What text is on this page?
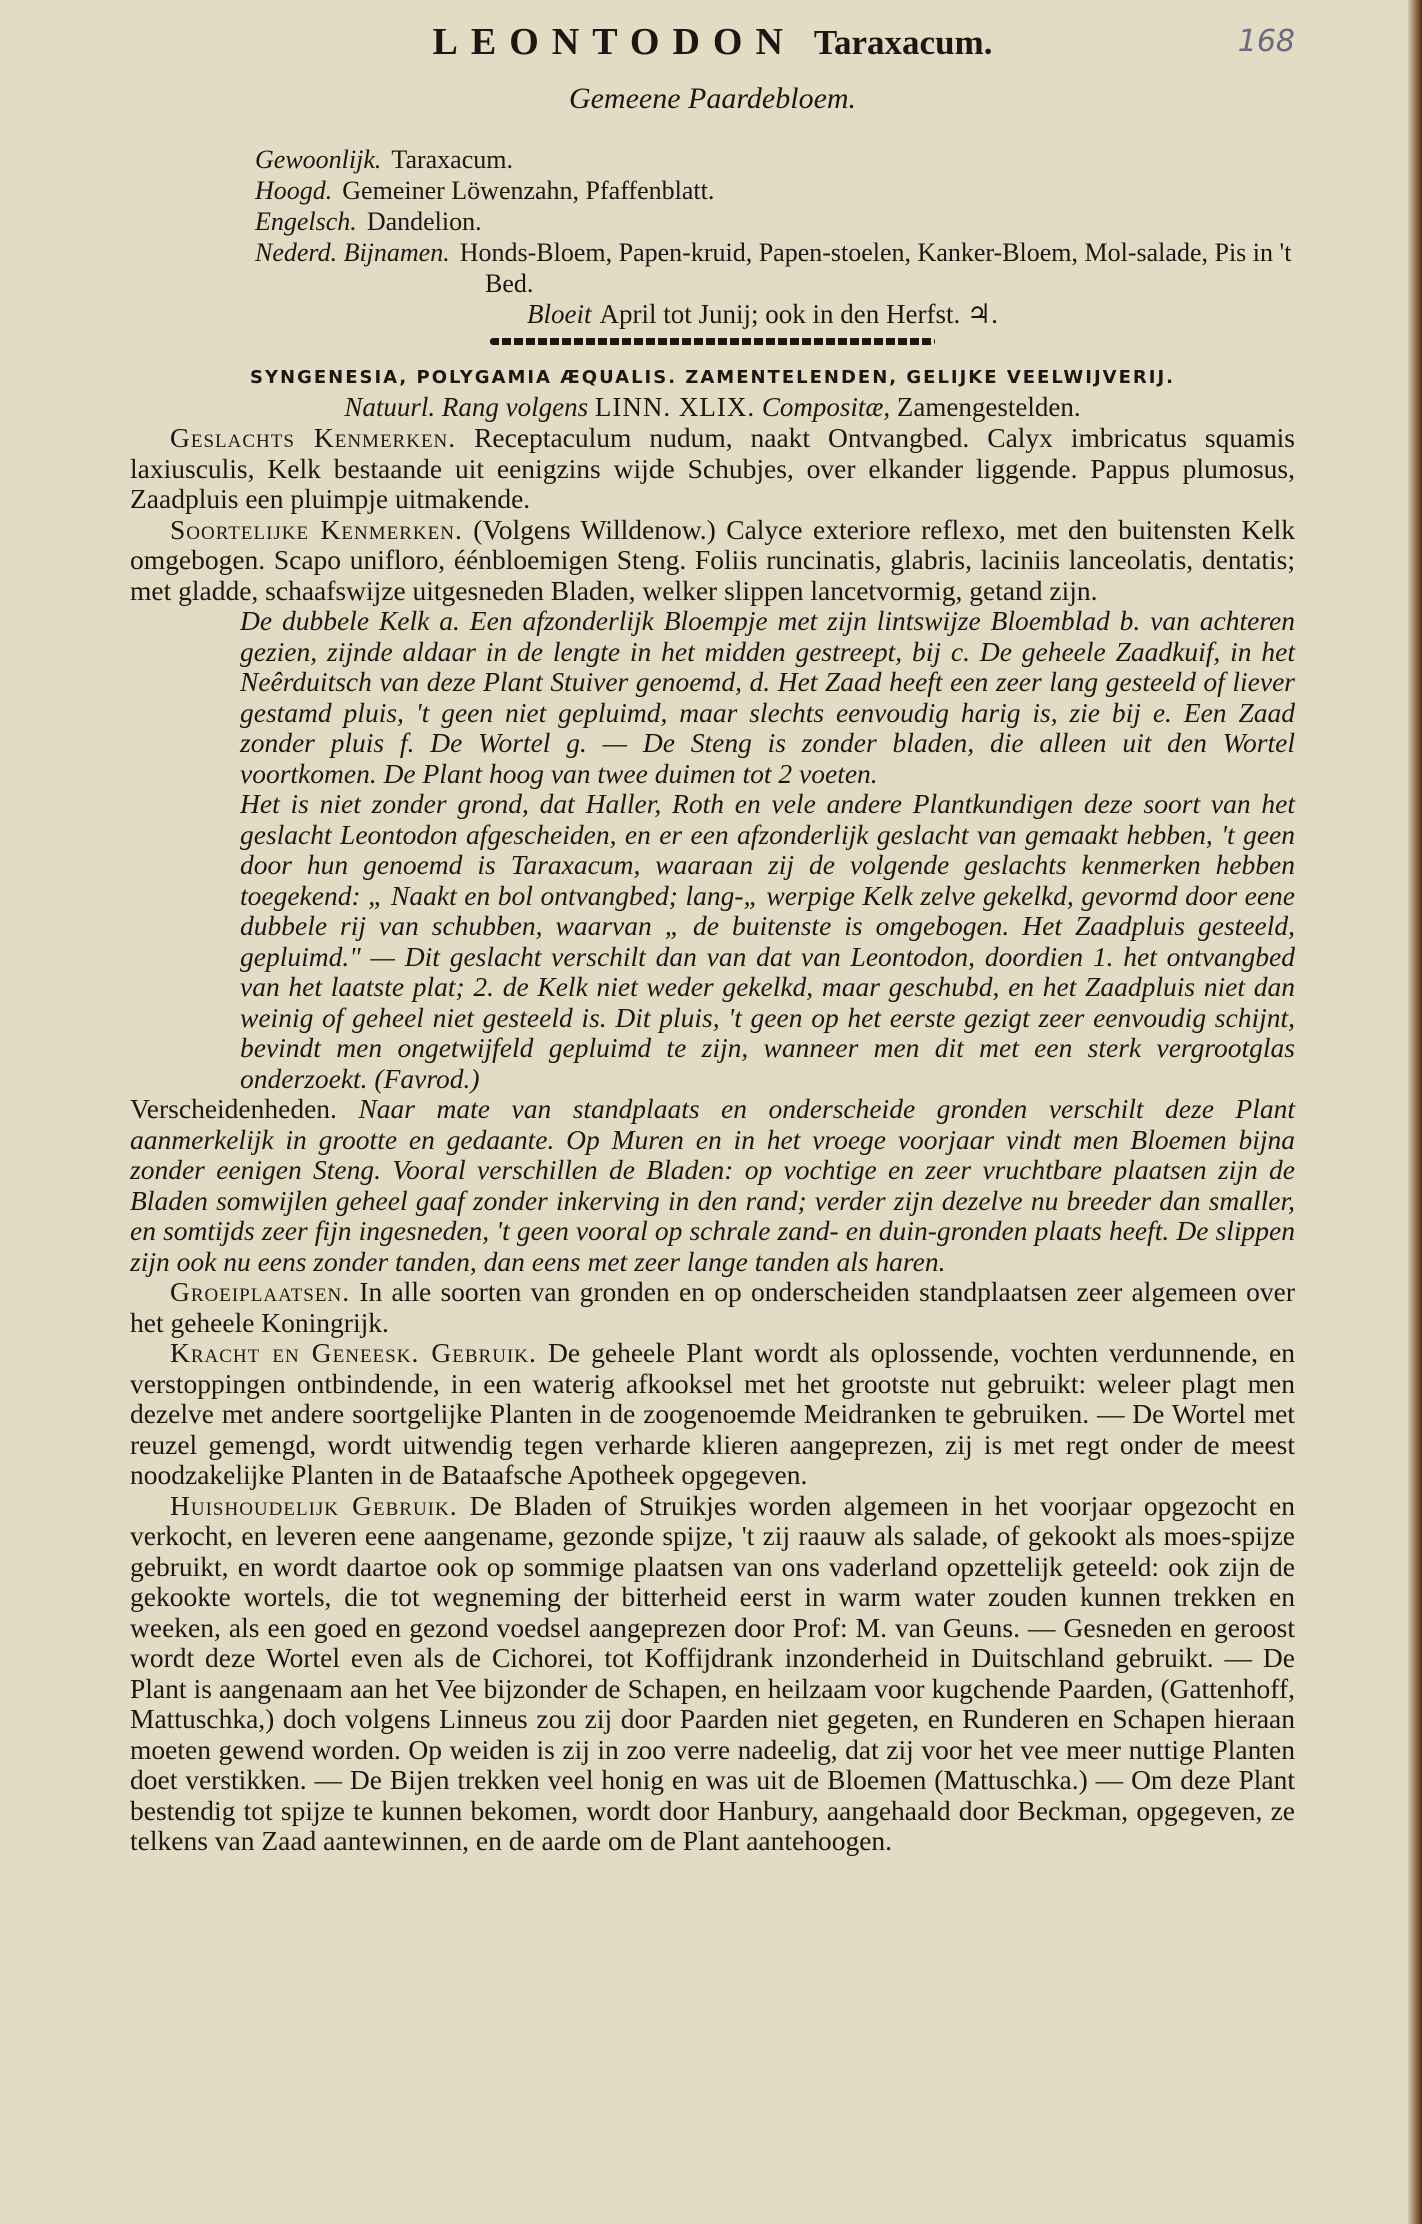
LEONTODON Taraxacum.	168
Gemeene Paardebloem.
Gewoonlijk. Taraxacum.
Hoogd. Gemeiner Löwenzahn, Pfaffenblatt.
Engelsch. Dandelion.

Nederd. Bijnamen. Honds-Bloem, Papen-kruid, Papen-stoelen, Kanker-Bloem, Mol-salade, Pis in 't Bed.

Bloeit April tot Junij; ook in den Herfst. ♃.
SYNGENESIA, POLYGAMIA ÆQUALIS. ZAMENTELENDEN, GELIJKE VEELWIJVERIJ.
Natuurl. Rang volgens LINN. XLIX. Compositæ, Zamengestelden.

Geslachts Kenmerken. Receptaculum nudum, naakt Ontvangbed. Calyx imbricatus squamis laxiusculis, Kelk bestaande uit eenigzins wijde Schubjes, over elkander liggende. Pappus plumosus, Zaadpluis een pluimpje uitmakende.

Soortelijke Kenmerken. (Volgens Willdenow.) Calyce exteriore reflexo, met den buitensten Kelk omgebogen. Scapo unifloro, éénbloemigen Steng. Foliis runcinatis, glabris, laciniis lanceolatis, dentatis; met gladde, schaafswijze uitgesneden Bladen, welker slippen lancetvormig, getand zijn.

De dubbele Kelk a. Een afzonderlijk Bloempje met zijn lintswijze Bloemblad b. van achteren gezien, zijnde aldaar in de lengte in het midden gestreept, bij c. De geheele Zaadkuif, in het Neêrduitsch van deze Plant Stuiver genoemd, d. Het Zaad heeft een zeer lang gesteeld of liever gestamd pluis, 't geen niet gepluimd, maar slechts eenvoudig harig is, zie bij e. Een Zaad zonder pluis f. De Wortel g. — De Steng is zonder bladen, die alleen uit den Wortel voortkomen. De Plant hoog van twee duimen tot 2 voeten.

Het is niet zonder grond, dat Haller, Roth en vele andere Plantkundigen deze soort van het geslacht Leontodon afgescheiden, en er een afzonderlijk geslacht van gemaakt hebben, 't geen door hun genoemd is Taraxacum, waaraan zij de volgende geslachts kenmerken hebben toegekend: „ Naakt en bol ontvangbed; lang-„ werpige Kelk zelve gekelkd, gevormd door eene dubbele rij van schubben, waarvan „ de buitenste is omgebogen. Het Zaadpluis gesteeld, gepluimd." — Dit geslacht verschilt dan van dat van Leontodon, doordien 1. het ontvangbed van het laatste plat; 2. de Kelk niet weder gekelkd, maar geschubd, en het Zaadpluis niet dan weinig of geheel niet gesteeld is. Dit pluis, 't geen op het eerste gezigt zeer eenvoudig schijnt, bevindt men ongetwijfeld gepluimd te zijn, wanneer men dit met een sterk vergrootglas onderzoekt. (Favrod.)

Verscheidenheden. Naar mate van standplaats en onderscheide gronden verschilt deze Plant aanmerkelijk in grootte en gedaante. Op Muren en in het vroege voorjaar vindt men Bloemen bijna zonder eenigen Steng. Vooral verschillen de Bladen: op vochtige en zeer vruchtbare plaatsen zijn de Bladen somwijlen geheel gaaf zonder inkerving in den rand; verder zijn dezelve nu breeder dan smaller, en somtijds zeer fijn ingesneden, 't geen vooral op schrale zand- en duin-gronden plaats heeft. De slippen zijn ook nu eens zonder tanden, dan eens met zeer lange tanden als haren.

Groeiplaatsen. In alle soorten van gronden en op onderscheiden standplaatsen zeer algemeen over het geheele Koningrijk.

Kracht en Geneesk. Gebruik. De geheele Plant wordt als oplossende, vochten verdunnende, en verstoppingen ontbindende, in een waterig afkooksel met het grootste nut gebruikt: weleer plagt men dezelve met andere soortgelijke Planten in de zoogenoemde Meidranken te gebruiken. — De Wortel met reuzel gemengd, wordt uitwendig tegen verharde klieren aangeprezen, zij is met regt onder de meest noodzakelijke Planten in de Bataafsche Apotheek opgegeven.

Huishoudelijk Gebruik. De Bladen of Struikjes worden algemeen in het voorjaar opgezocht en verkocht, en leveren eene aangename, gezonde spijze, 't zij raauw als salade, of gekookt als moes-spijze gebruikt, en wordt daartoe ook op sommige plaatsen van ons vaderland opzettelijk geteeld: ook zijn de gekookte wortels, die tot wegneming der bitterheid eerst in warm water zouden kunnen trekken en weeken, als een goed en gezond voedsel aangeprezen door Prof: M. van Geuns. — Gesneden en geroost wordt deze Wortel even als de Cichorei, tot Koffijdrank inzonderheid in Duitschland gebruikt. — De Plant is aangenaam aan het Vee bijzonder de Schapen, en heilzaam voor kugchende Paarden, (Gattenhoff, Mattuschka,) doch volgens Linneus zou zij door Paarden niet gegeten, en Runderen en Schapen hieraan moeten gewend worden. Op weiden is zij in zoo verre nadeelig, dat zij voor het vee meer nuttige Planten doet verstikken. — De Bijen trekken veel honig en was uit de Bloemen (Mattuschka.) — Om deze Plant bestendig tot spijze te kunnen bekomen, wordt door Hanbury, aangehaald door Beckman, opgegeven, ze telkens van Zaad aantewinnen, en de aarde om de Plant aantehoogen.
